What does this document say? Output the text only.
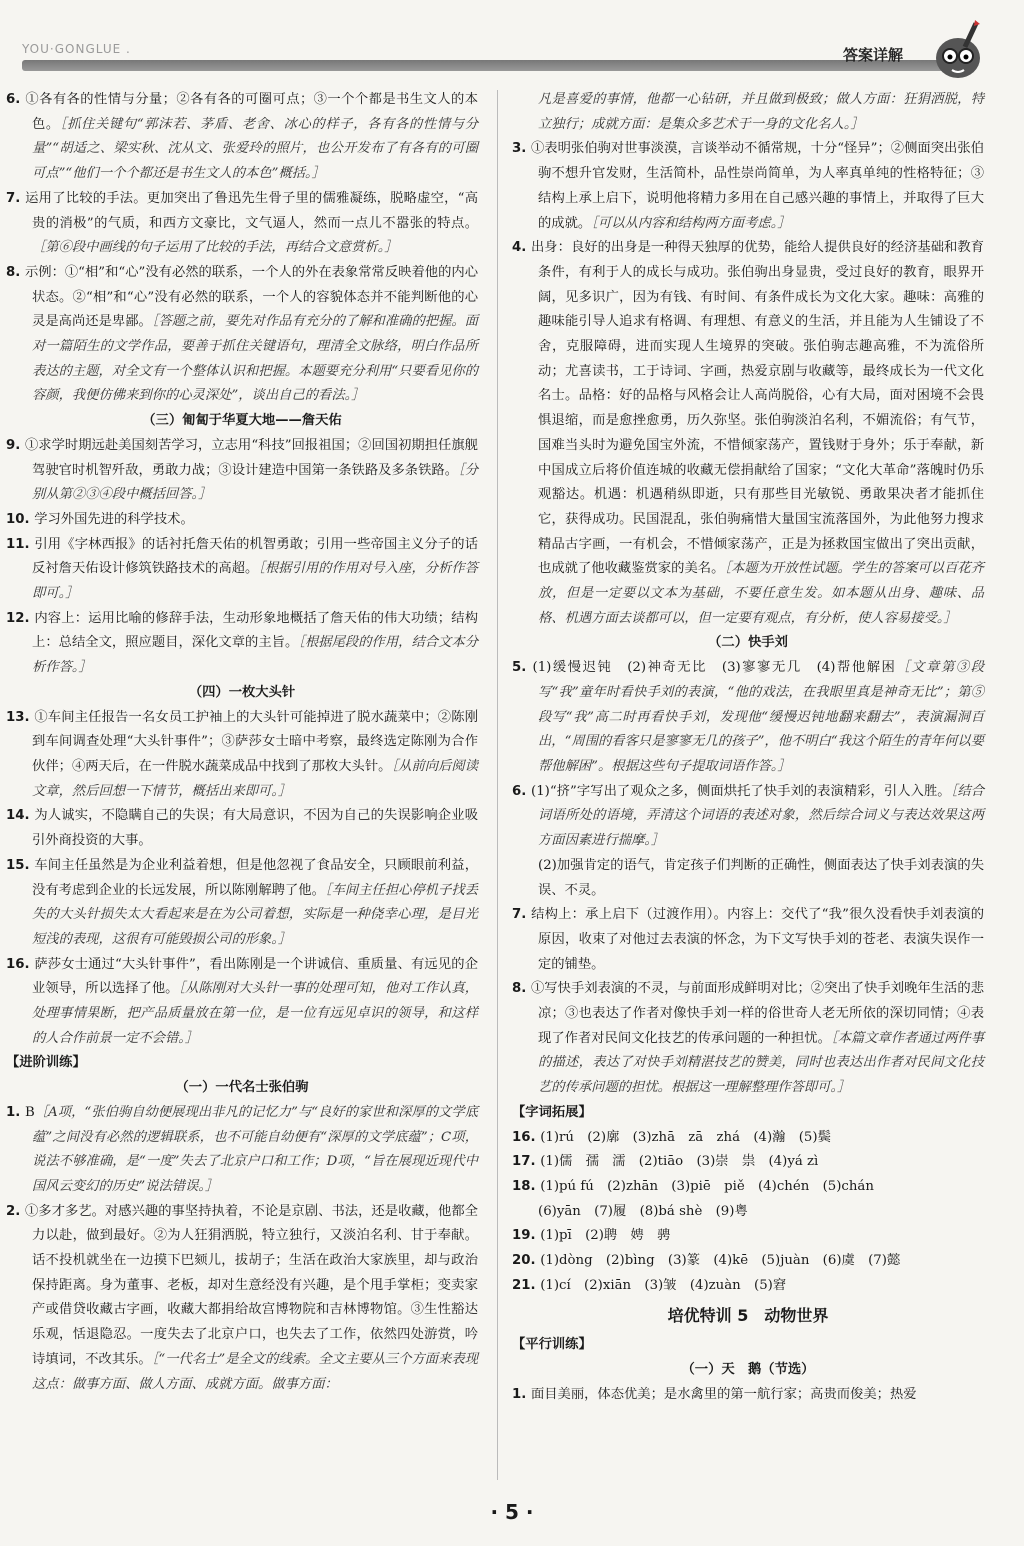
YOU·GONGLUE .	答案详解

6. ①各有各的性情与分量；②各有各的可圈可点；③一个个都是书生文人的本色。［抓住关键句“郭沫若、茅盾、老舍、冰心的样子，各有各的性情与分量”“胡适之、梁实秋、沈从文、张爱玲的照片，也公开发布了有各有的可圈可点”“他们一个个都还是书生文人的本色”概括。］

7. 运用了比较的手法。更加突出了鲁迅先生骨子里的儒雅凝练，脱略虚空，“高贵的消极”的气质，和西方文豪比，文气逼人，然而一点儿不嚣张的特点。［第⑥段中画线的句子运用了比较的手法，再结合文意赏析。］

8. 示例：①“相”和“心”没有必然的联系，一个人的外在表象常常反映着他的内心状态。②“相”和“心”没有必然的联系，一个人的容貌体态并不能判断他的心灵是高尚还是卑鄙。［答题之前，要先对作品有充分的了解和准确的把握。面对一篇陌生的文学作品，要善于抓住关键语句，理清全文脉络，明白作品所表达的主题，对全文有一个整体认识和把握。本题要充分利用“只要看见你的容颜，我便仿佛来到你的心灵深处”，谈出自己的看法。］

（三）匍匐于华夏大地——詹天佑

9. ①求学时期远赴美国刻苦学习，立志用“科技”回报祖国；②回国初期担任旗舰驾驶官时机智歼敌，勇敢力战；③设计建造中国第一条铁路及多条铁路。［分别从第②③④段中概括回答。］

10. 学习外国先进的科学技术。

11. 引用《字林西报》的话衬托詹天佑的机智勇敢；引用一些帝国主义分子的话反衬詹天佑设计修筑铁路技术的高超。［根据引用的作用对号入座，分析作答即可。］

12. 内容上：运用比喻的修辞手法，生动形象地概括了詹天佑的伟大功绩；结构上：总结全文，照应题目，深化文章的主旨。［根据尾段的作用，结合文本分析作答。］

（四）一枚大头针

13. ①车间主任报告一名女员工护袖上的大头针可能掉进了脱水蔬菜中；②陈刚到车间调查处理“大头针事件”；③萨莎女士暗中考察，最终选定陈刚为合作伙伴；④两天后，在一件脱水蔬菜成品中找到了那枚大头针。［从前向后阅读文章，然后回想一下情节，概括出来即可。］

14. 为人诚实，不隐瞒自己的失误；有大局意识，不因为自己的失误影响企业吸引外商投资的大事。

15. 车间主任虽然是为企业利益着想，但是他忽视了食品安全，只顾眼前利益，没有考虑到企业的长远发展，所以陈刚解聘了他。［车间主任担心停机子找丢失的大头针损失太大看起来是在为公司着想，实际是一种侥幸心理，是目光短浅的表现，这很有可能毁损公司的形象。］

16. 萨莎女士通过“大头针事件”，看出陈刚是一个讲诚信、重质量、有远见的企业领导，所以选择了他。［从陈刚对大头针一事的处理可知，他对工作认真，处理事情果断，把产品质量放在第一位，是一位有远见卓识的领导，和这样的人合作前景一定不会错。］

【进阶训练】

（一）一代名士张伯驹

1. B［A项，“张伯驹自幼便展现出非凡的记忆力”与“良好的家世和深厚的文学底蕴”之间没有必然的逻辑联系，也不可能自幼便有“深厚的文学底蕴”；C项，说法不够准确，是“一度”失去了北京户口和工作；D项，“旨在展现近现代中国风云变幻的历史”说法错误。］

2. ①多才多艺。对感兴趣的事坚持执着，不论是京剧、书法，还是收藏，他都全力以赴，做到最好。②为人狂狷洒脱，特立独行，又淡泊名利、甘于奉献。话不投机就坐在一边摸下巴颏儿，拔胡子；生活在政治大家族里，却与政治保持距离。身为董事、老板，却对生意经没有兴趣，是个甩手掌柜；变卖家产或借贷收藏古字画，收藏大都捐给故宫博物院和吉林博物馆。③生性豁达乐观，恬退隐忍。一度失去了北京户口，也失去了工作，依然四处游赏，吟诗填词，不改其乐。［“一代名士”是全文的线索。全文主要从三个方面来表现这点：做事方面、做人方面、成就方面。做事方面：

凡是喜爱的事情，他都一心钻研，并且做到极致；做人方面：狂狷洒脱，特立独行；成就方面：是集众多艺术于一身的文化名人。］

3. ①表明张伯驹对世事淡漠，言谈举动不循常规，十分“怪异”；②侧面突出张伯驹不想升官发财，生活简朴，品性崇尚简单，为人率真单纯的性格特征；③结构上承上启下，说明他将精力多用在自己感兴趣的事情上，并取得了巨大的成就。［可以从内容和结构两方面考虑。］

4. 出身：良好的出身是一种得天独厚的优势，能给人提供良好的经济基础和教育条件，有利于人的成长与成功。张伯驹出身显贵，受过良好的教育，眼界开阔，见多识广，因为有钱、有时间、有条件成长为文化大家。趣味：高雅的趣味能引导人追求有格调、有理想、有意义的生活，并且能为人生铺设了不舍，克服障碍，进而实现人生境界的突破。张伯驹志趣高雅，不为流俗所动；尤喜读书，工于诗词、字画，热爱京剧与收藏等，最终成长为一代文化名士。品格：好的品格与风格会让人高尚脱俗，心有大局，面对困境不会畏惧退缩，而是愈挫愈勇，历久弥坚。张伯驹淡泊名利，不媚流俗；有气节，国难当头时为避免国宝外流，不惜倾家荡产，置钱财于身外；乐于奉献，新中国成立后将价值连城的收藏无偿捐献给了国家；“文化大革命”落魄时仍乐观豁达。机遇：机遇稍纵即逝，只有那些目光敏锐、勇敢果决者才能抓住它，获得成功。民国混乱，张伯驹痛惜大量国宝流落国外，为此他努力搜求精品古字画，一有机会，不惜倾家荡产，正是为拯救国宝做出了突出贡献，也成就了他收藏鉴赏家的美名。［本题为开放性试题。学生的答案可以百花齐放，但是一定要以文本为基础，不要任意生发。如本题从出身、趣味、品格、机遇方面去谈都可以，但一定要有观点，有分析，使人容易接受。］

（二）快手刘

5. (1)缓慢迟钝　(2)神奇无比　(3)寥寥无几　(4)帮他解困［文章第③段写“我”童年时看快手刘的表演，“他的戏法，在我眼里真是神奇无比”；第⑤段写“我”高二时再看快手刘，发现他“缓慢迟钝地翻来翻去”，表演漏洞百出，“周围的看客只是寥寥无几的孩子”，他不明白“我这个陌生的青年何以要帮他解困”。根据这些句子提取词语作答。］

6. (1)“挤”字写出了观众之多，侧面烘托了快手刘的表演精彩，引人入胜。［结合词语所处的语境，弄清这个词语的表述对象，然后综合词义与表达效果这两方面因素进行揣摩。］

(2)加强肯定的语气，肯定孩子们判断的正确性，侧面表达了快手刘表演的失误、不灵。

7. 结构上：承上启下（过渡作用）。内容上：交代了“我”很久没看快手刘表演的原因，收束了对他过去表演的怀念，为下文写快手刘的苍老、表演失误作一定的铺垫。

8. ①写快手刘表演的不灵，与前面形成鲜明对比；②突出了快手刘晚年生活的悲凉；③也表达了作者对像快手刘一样的俗世奇人老无所依的深切同情；④表现了作者对民间文化技艺的传承问题的一种担忧。［本篇文章作者通过两件事的描述，表达了对快手刘精湛技艺的赞美，同时也表达出作者对民间文化技艺的传承问题的担忧。根据这一理解整理作答即可。］

【字词拓展】

16. (1)rú　(2)廓　(3)zhā　zā　zhá　(4)瀚　(5)鬓

17. (1)儒　孺　濡　(2)tiāo　(3)崇　祟　(4)yá zì

18. (1)pú fú　(2)zhān　(3)piē　piě　(4)chén　(5)chán

(6)yān　(7)履　(8)bá shè　(9)粤

19. (1)pī　(2)聘　娉　骋

20. (1)dòng　(2)bìng　(3)篆　(4)kē　(5)juàn　(6)虞　(7)懿

21. (1)cí　(2)xiān　(3)皱　(4)zuàn　(5)窘

培优特训 5　动物世界

【平行训练】

（一）天　鹅（节选）

1. 面目美丽，体态优美；是水禽里的第一航行家；高贵而俊美；热爱

· 5 ·
